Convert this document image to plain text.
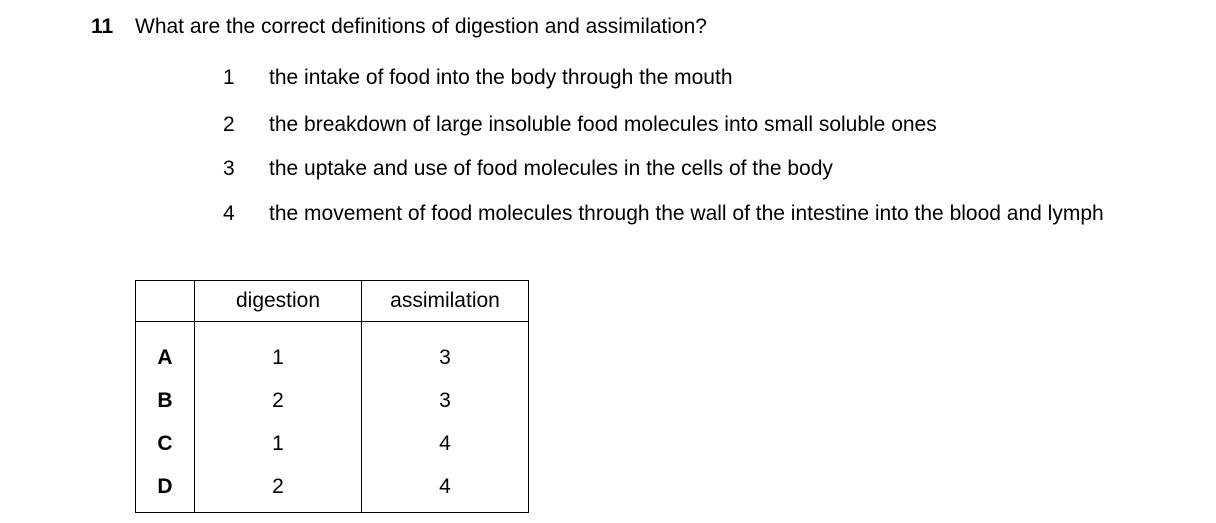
11 What are the correct definitions of digestion and assimilation?
1 the intake of food into the body through the mouth
2 the breakdown of large insoluble food molecules into small soluble ones
3 the uptake and use of food molecules in the cells of the body
4 the movement of food molecules through the wall of the intestine into the blood and lymph
	digestion	assimilation
A	1	3
B	2	3
C	1	4
D	2	4
